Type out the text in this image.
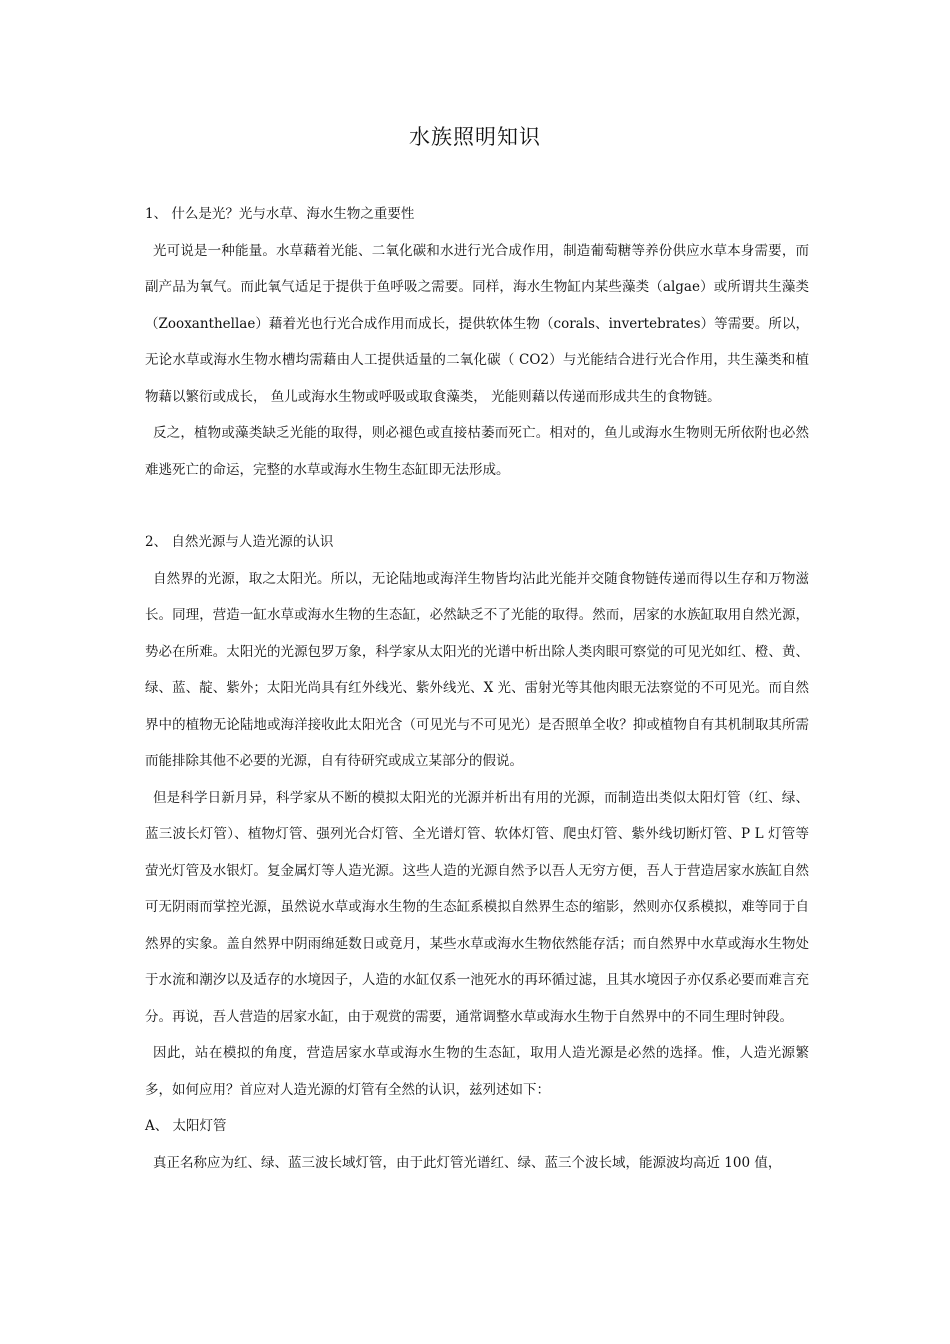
水族照明知识

1、 什么是光？光与水草、海水生物之重要性

光可说是一种能量。水草藉着光能、二氧化碳和水进行光合成作用，制造葡萄糖等养份供应水草本身需要，而副产品为氧气。而此氧气适足于提供于鱼呼吸之需要。同样，海水生物缸内某些藻类（algae）或所谓共生藻类（Zooxanthellae）藉着光也行光合成作用而成长，提供软体生物（corals、invertebrates）等需要。所以，无论水草或海水生物水槽均需藉由人工提供适量的二氧化碳（ CO2）与光能结合进行光合作用，共生藻类和植物藉以繁衍或成长， 鱼儿或海水生物或呼吸或取食藻类， 光能则藉以传递而形成共生的食物链。

反之，植物或藻类缺乏光能的取得，则必褪色或直接枯萎而死亡。相对的，鱼儿或海水生物则无所依附也必然难逃死亡的命运，完整的水草或海水生物生态缸即无法形成。

2、 自然光源与人造光源的认识

自然界的光源，取之太阳光。所以，无论陆地或海洋生物皆均沾此光能并交随食物链传递而得以生存和万物滋长。同理，营造一缸水草或海水生物的生态缸，必然缺乏不了光能的取得。然而，居家的水族缸取用自然光源，势必在所难。太阳光的光源包罗万象，科学家从太阳光的光谱中析出除人类肉眼可察觉的可见光如红、橙、黄、绿、蓝、靛、紫外；太阳光尚具有红外线光、紫外线光、X 光、雷射光等其他肉眼无法察觉的不可见光。而自然界中的植物无论陆地或海洋接收此太阳光含（可见光与不可见光）是否照单全收？抑或植物自有其机制取其所需而能排除其他不必要的光源，自有待研究或成立某部分的假说。

但是科学日新月异，科学家从不断的模拟太阳光的光源并析出有用的光源，而制造出类似太阳灯管（红、绿、蓝三波长灯管）、植物灯管、强列光合灯管、全光谱灯管、软体灯管、爬虫灯管、紫外线切断灯管、P L 灯管等萤光灯管及水银灯。复金属灯等人造光源。这些人造的光源自然予以吾人无穷方便，吾人于营造居家水族缸自然可无阴雨而掌控光源，虽然说水草或海水生物的生态缸系模拟自然界生态的缩影，然则亦仅系模拟，难等同于自然界的实象。盖自然界中阴雨绵延数日或竟月，某些水草或海水生物依然能存活；而自然界中水草或海水生物处于水流和潮汐以及适存的水境因子，人造的水缸仅系一池死水的再环循过滤，且其水境因子亦仅系必要而难言充分。再说，吾人营造的居家水缸，由于观赏的需要，通常调整水草或海水生物于自然界中的不同生理时钟段。

因此，站在模拟的角度，营造居家水草或海水生物的生态缸，取用人造光源是必然的选择。惟，人造光源繁多，如何应用？首应对人造光源的灯管有全然的认识，兹列述如下：

A、 太阳灯管

真正名称应为红、绿、蓝三波长域灯管，由于此灯管光谱红、绿、蓝三个波长域，能源波均高近 100 值，
